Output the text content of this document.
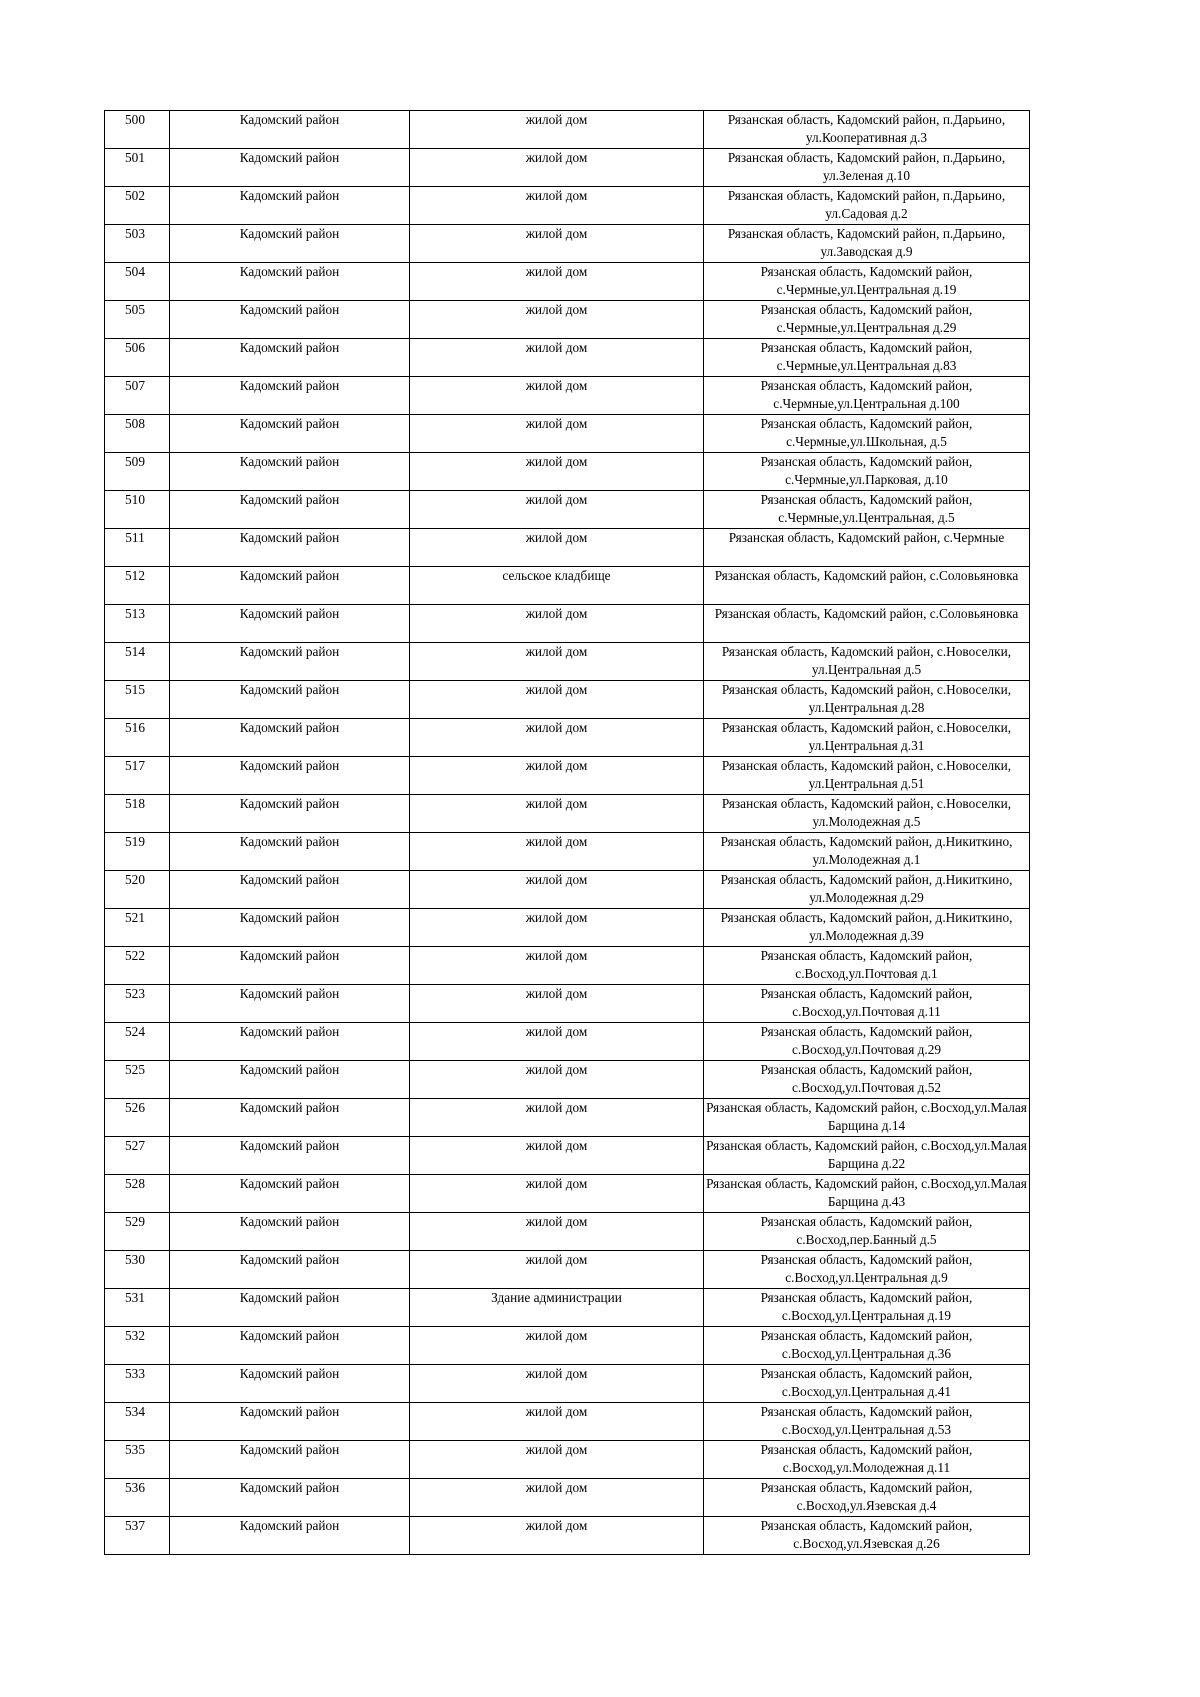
500	Кадомский район	жилой дом	Рязанская область, Кадомский район, п.Дарьино, ул.Кооперативная д.3
501	Кадомский район	жилой дом	Рязанская область, Кадомский район, п.Дарьино, ул.Зеленая д.10
502	Кадомский район	жилой дом	Рязанская область, Кадомский район, п.Дарьино, ул.Садовая д.2
503	Кадомский район	жилой дом	Рязанская область, Кадомский район, п.Дарьино, ул.Заводская д.9
504	Кадомский район	жилой дом	Рязанская область, Кадомский район, с.Чермные,ул.Центральная д.19
505	Кадомский район	жилой дом	Рязанская область, Кадомский район, с.Чермные,ул.Центральная д.29
506	Кадомский район	жилой дом	Рязанская область, Кадомский район, с.Чермные,ул.Центральная д.83
507	Кадомский район	жилой дом	Рязанская область, Кадомский район, с.Чермные,ул.Центральная д.100
508	Кадомский район	жилой дом	Рязанская область, Кадомский район, с.Чермные,ул.Школьная, д.5
509	Кадомский район	жилой дом	Рязанская область, Кадомский район, с.Чермные,ул.Парковая, д.10
510	Кадомский район	жилой дом	Рязанская область, Кадомский район, с.Чермные,ул.Центральная, д.5
511	Кадомский район	жилой дом	Рязанская область, Кадомский район, с.Чермные
512	Кадомский район	сельское кладбище	Рязанская область, Кадомский район, с.Соловьяновка
513	Кадомский район	жилой дом	Рязанская область, Кадомский район, с.Соловьяновка
514	Кадомский район	жилой дом	Рязанская область, Кадомский район, с.Новоселки, ул.Центральная д.5
515	Кадомский район	жилой дом	Рязанская область, Кадомский район, с.Новоселки, ул.Центральная д.28
516	Кадомский район	жилой дом	Рязанская область, Кадомский район, с.Новоселки, ул.Центральная д.31
517	Кадомский район	жилой дом	Рязанская область, Кадомский район, с.Новоселки, ул.Центральная д.51
518	Кадомский район	жилой дом	Рязанская область, Кадомский район, с.Новоселки, ул.Молодежная д.5
519	Кадомский район	жилой дом	Рязанская область, Кадомский район, д.Никиткино, ул.Молодежная д.1
520	Кадомский район	жилой дом	Рязанская область, Кадомский район, д.Никиткино, ул.Молодежная д.29
521	Кадомский район	жилой дом	Рязанская область, Кадомский район, д.Никиткино, ул.Молодежная д.39
522	Кадомский район	жилой дом	Рязанская область, Кадомский район, с.Восход,ул.Почтовая д.1
523	Кадомский район	жилой дом	Рязанская область, Кадомский район, с.Восход,ул.Почтовая д.11
524	Кадомский район	жилой дом	Рязанская область, Кадомский район, с.Восход,ул.Почтовая д.29
525	Кадомский район	жилой дом	Рязанская область, Кадомский район, с.Восход,ул.Почтовая д.52
526	Кадомский район	жилой дом	Рязанская область, Кадомский район, с.Восход,ул.Малая Барщина д.14
527	Кадомский район	жилой дом	Рязанская область, Кадомский район, с.Восход,ул.Малая Барщина д.22
528	Кадомский район	жилой дом	Рязанская область, Кадомский район, с.Восход,ул.Малая Барщина д.43
529	Кадомский район	жилой дом	Рязанская область, Кадомский район, с.Восход,пер.Банный д.5
530	Кадомский район	жилой дом	Рязанская область, Кадомский район, с.Восход,ул.Центральная д.9
531	Кадомский район	Здание администрации	Рязанская область, Кадомский район, с.Восход,ул.Центральная д.19
532	Кадомский район	жилой дом	Рязанская область, Кадомский район, с.Восход,ул.Центральная д.36
533	Кадомский район	жилой дом	Рязанская область, Кадомский район, с.Восход,ул.Центральная д.41
534	Кадомский район	жилой дом	Рязанская область, Кадомский район, с.Восход,ул.Центральная д.53
535	Кадомский район	жилой дом	Рязанская область, Кадомский район, с.Восход,ул.Молодежная д.11
536	Кадомский район	жилой дом	Рязанская область, Кадомский район, с.Восход,ул.Язевская д.4
537	Кадомский район	жилой дом	Рязанская область, Кадомский район, с.Восход,ул.Язевская д.26
